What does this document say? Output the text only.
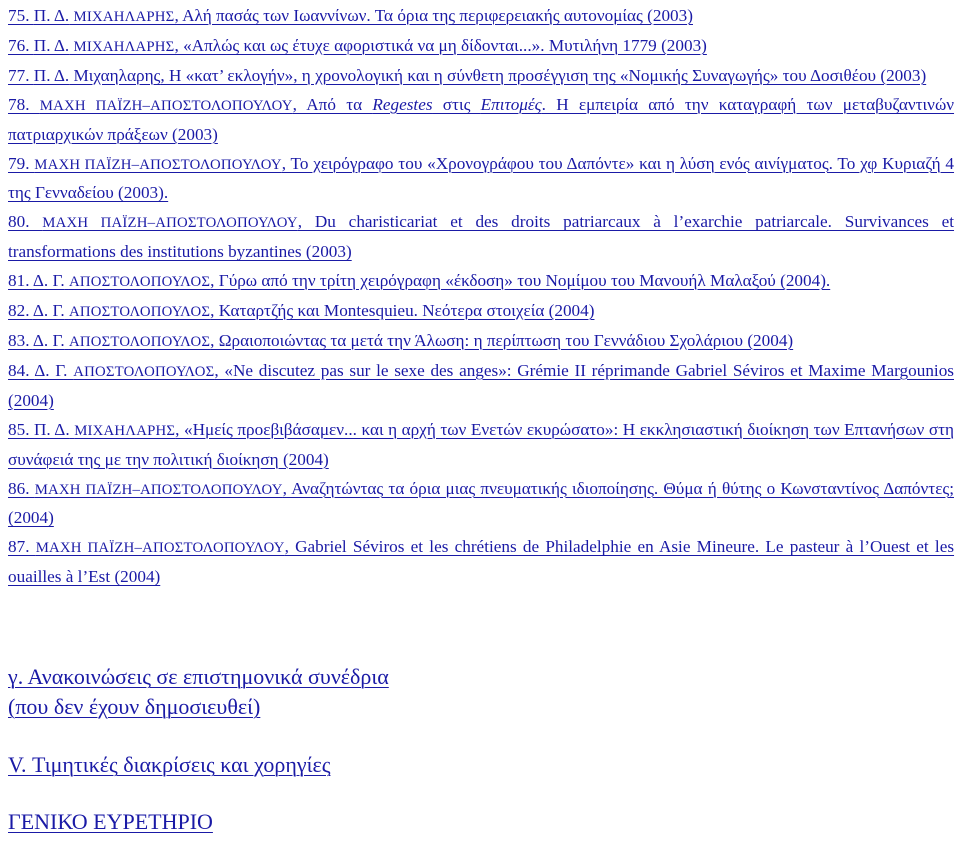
75. Π. Δ. ΜΙΧΑΗΛΑΡΗΣ, Αλή πασάς των Ιωαννίνων. Τα όρια της περιφερειακής αυτονομίας (2003)
76. Π. Δ. ΜΙΧΑΗΛΑΡΗΣ, «Απλώς και ως έτυχε αφοριστικά να μη δίδονται...». Μυτιλήνη 1779 (2003)
77. Π. Δ. Μιχαηλαρης, Η «κατ’ εκλογήν», η χρονολογική και η σύνθετη προσέγγιση της «Νομικής Συναγωγής» του Δοσιθέου (2003)
78. ΜΑΧΗ ΠΑΪΖΗ–ΑΠΟΣΤΟΛΟΠΟΥΛΟΥ, Από τα Regestes στις Επιτομές. Η εμπειρία από την καταγραφή των μεταβυζαντινών πατριαρχικών πράξεων (2003)
79. ΜΑΧΗ ΠΑΪΖΗ–ΑΠΟΣΤΟΛΟΠΟΥΛΟΥ, Το χειρόγραφο του «Χρονογράφου του Δαπόντε» και η λύση ενός αινίγματος. Το χφ Κυριαζή 4 της Γενναδείου (2003).
80. ΜΑΧΗ ΠΑΪΖΗ–ΑΠΟΣΤΟΛΟΠΟΥΛΟΥ, Du charisticariat et des droits patriarcaux à l’exarchie patriarcale. Survivances et transformations des institutions byzantines (2003)
81. Δ. Γ. ΑΠΟΣΤΟΛΟΠΟΥΛΟΣ, Γύρω από την τρίτη χειρόγραφη «έκδοση» του Νομίμου του Μανουήλ Μαλαξού (2004).
82. Δ. Γ. ΑΠΟΣΤΟΛΟΠΟΥΛΟΣ, Καταρτζής και Montesquieu. Νεότερα στοιχεία (2004)
83. Δ. Γ. ΑΠΟΣΤΟΛΟΠΟΥΛΟΣ, Ωραιοποιώντας τα μετά την Άλωση: η περίπτωση του Γεννάδιου Σχολάριου (2004)
84. Δ. Γ. ΑΠΟΣΤΟΛΟΠΟΥΛΟΣ, «Ne discutez pas sur le sexe des anges»: Grémie II réprimande Gabriel Séviros et Maxime Margounios (2004)
85. Π. Δ. ΜΙΧΑΗΛΑΡΗΣ, «Ημείς προεβιβάσαμεν... και η αρχή των Ενετών εκυρώσατο»: Η εκκλησιαστική διοίκηση των Επτανήσων στη συνάφειά της με την πολιτική διοίκηση (2004)
86. ΜΑΧΗ ΠΑΪΖΗ–ΑΠΟΣΤΟΛΟΠΟΥΛΟΥ, Αναζητώντας τα όρια μιας πνευματικής ιδιοποίησης. Θύμα ή θύτης ο Κωνσταντίνος Δαπόντες; (2004)
87. ΜΑΧΗ ΠΑΪΖΗ–ΑΠΟΣΤΟΛΟΠΟΥΛΟΥ, Gabriel Séviros et les chrétiens de Philadelphie en Asie Mineure. Le pasteur à l’Ouest et les ouailles à l’Est (2004)
γ. Ανακοινώσεις σε επιστημονικά συνέδρια
(που δεν έχουν δημοσιευθεί)
V. Τιμητικές διακρίσεις και χορηγίες
ΓΕΝΙΚΟ ΕΥΡΕΤΗΡΙΟ
